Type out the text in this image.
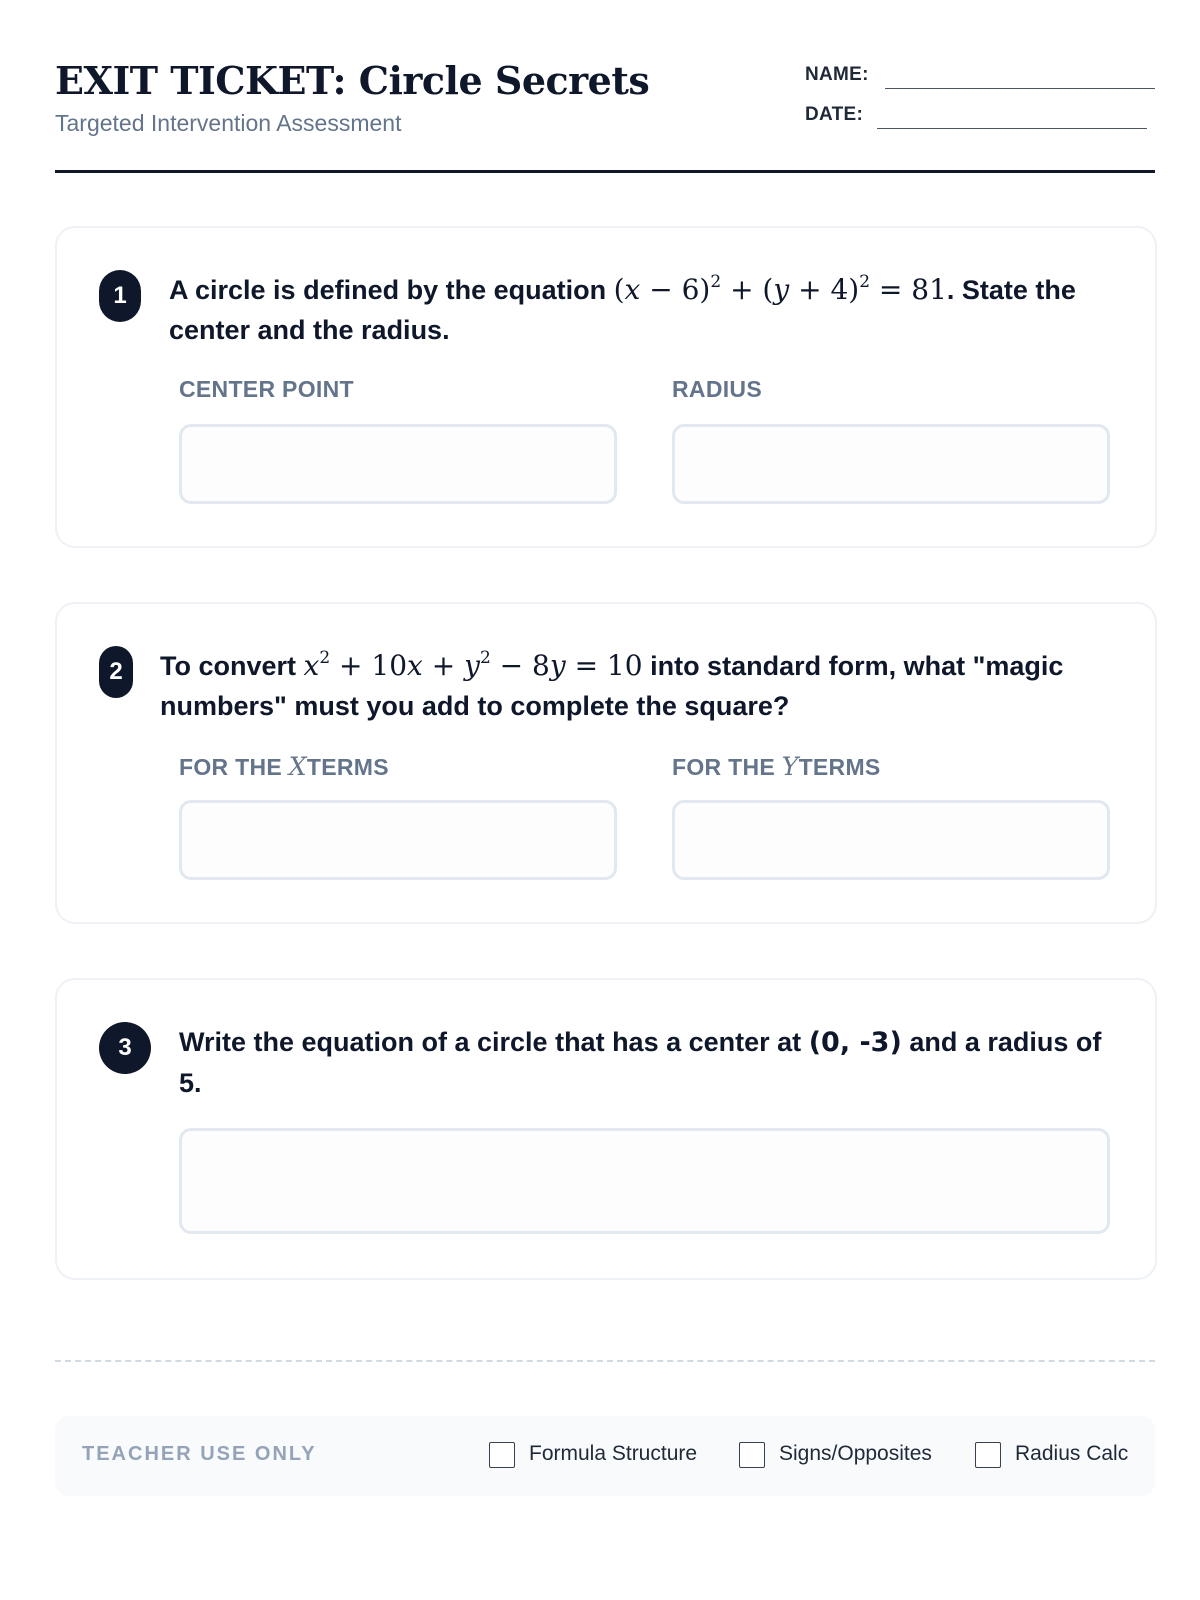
EXIT TICKET: Circle Secrets
Targeted Intervention Assessment
NAME:
DATE:
1	A circle is defined by the equation $(x - 6)^2 + (y + 4)^2 = 81$. State the center and the radius.
CENTER POINT	RADIUS
2	To convert $x^2 + 10x + y^2 - 8y = 10$ into standard form, what "magic numbers" must you add to complete the square?
FOR THE XTERMS	FOR THE YTERMS
3	Write the equation of a circle that has a center at (0, -3) and a radius of 5.
TEACHER USE ONLY	Formula Structure	Signs/Opposites	Radius Calc
